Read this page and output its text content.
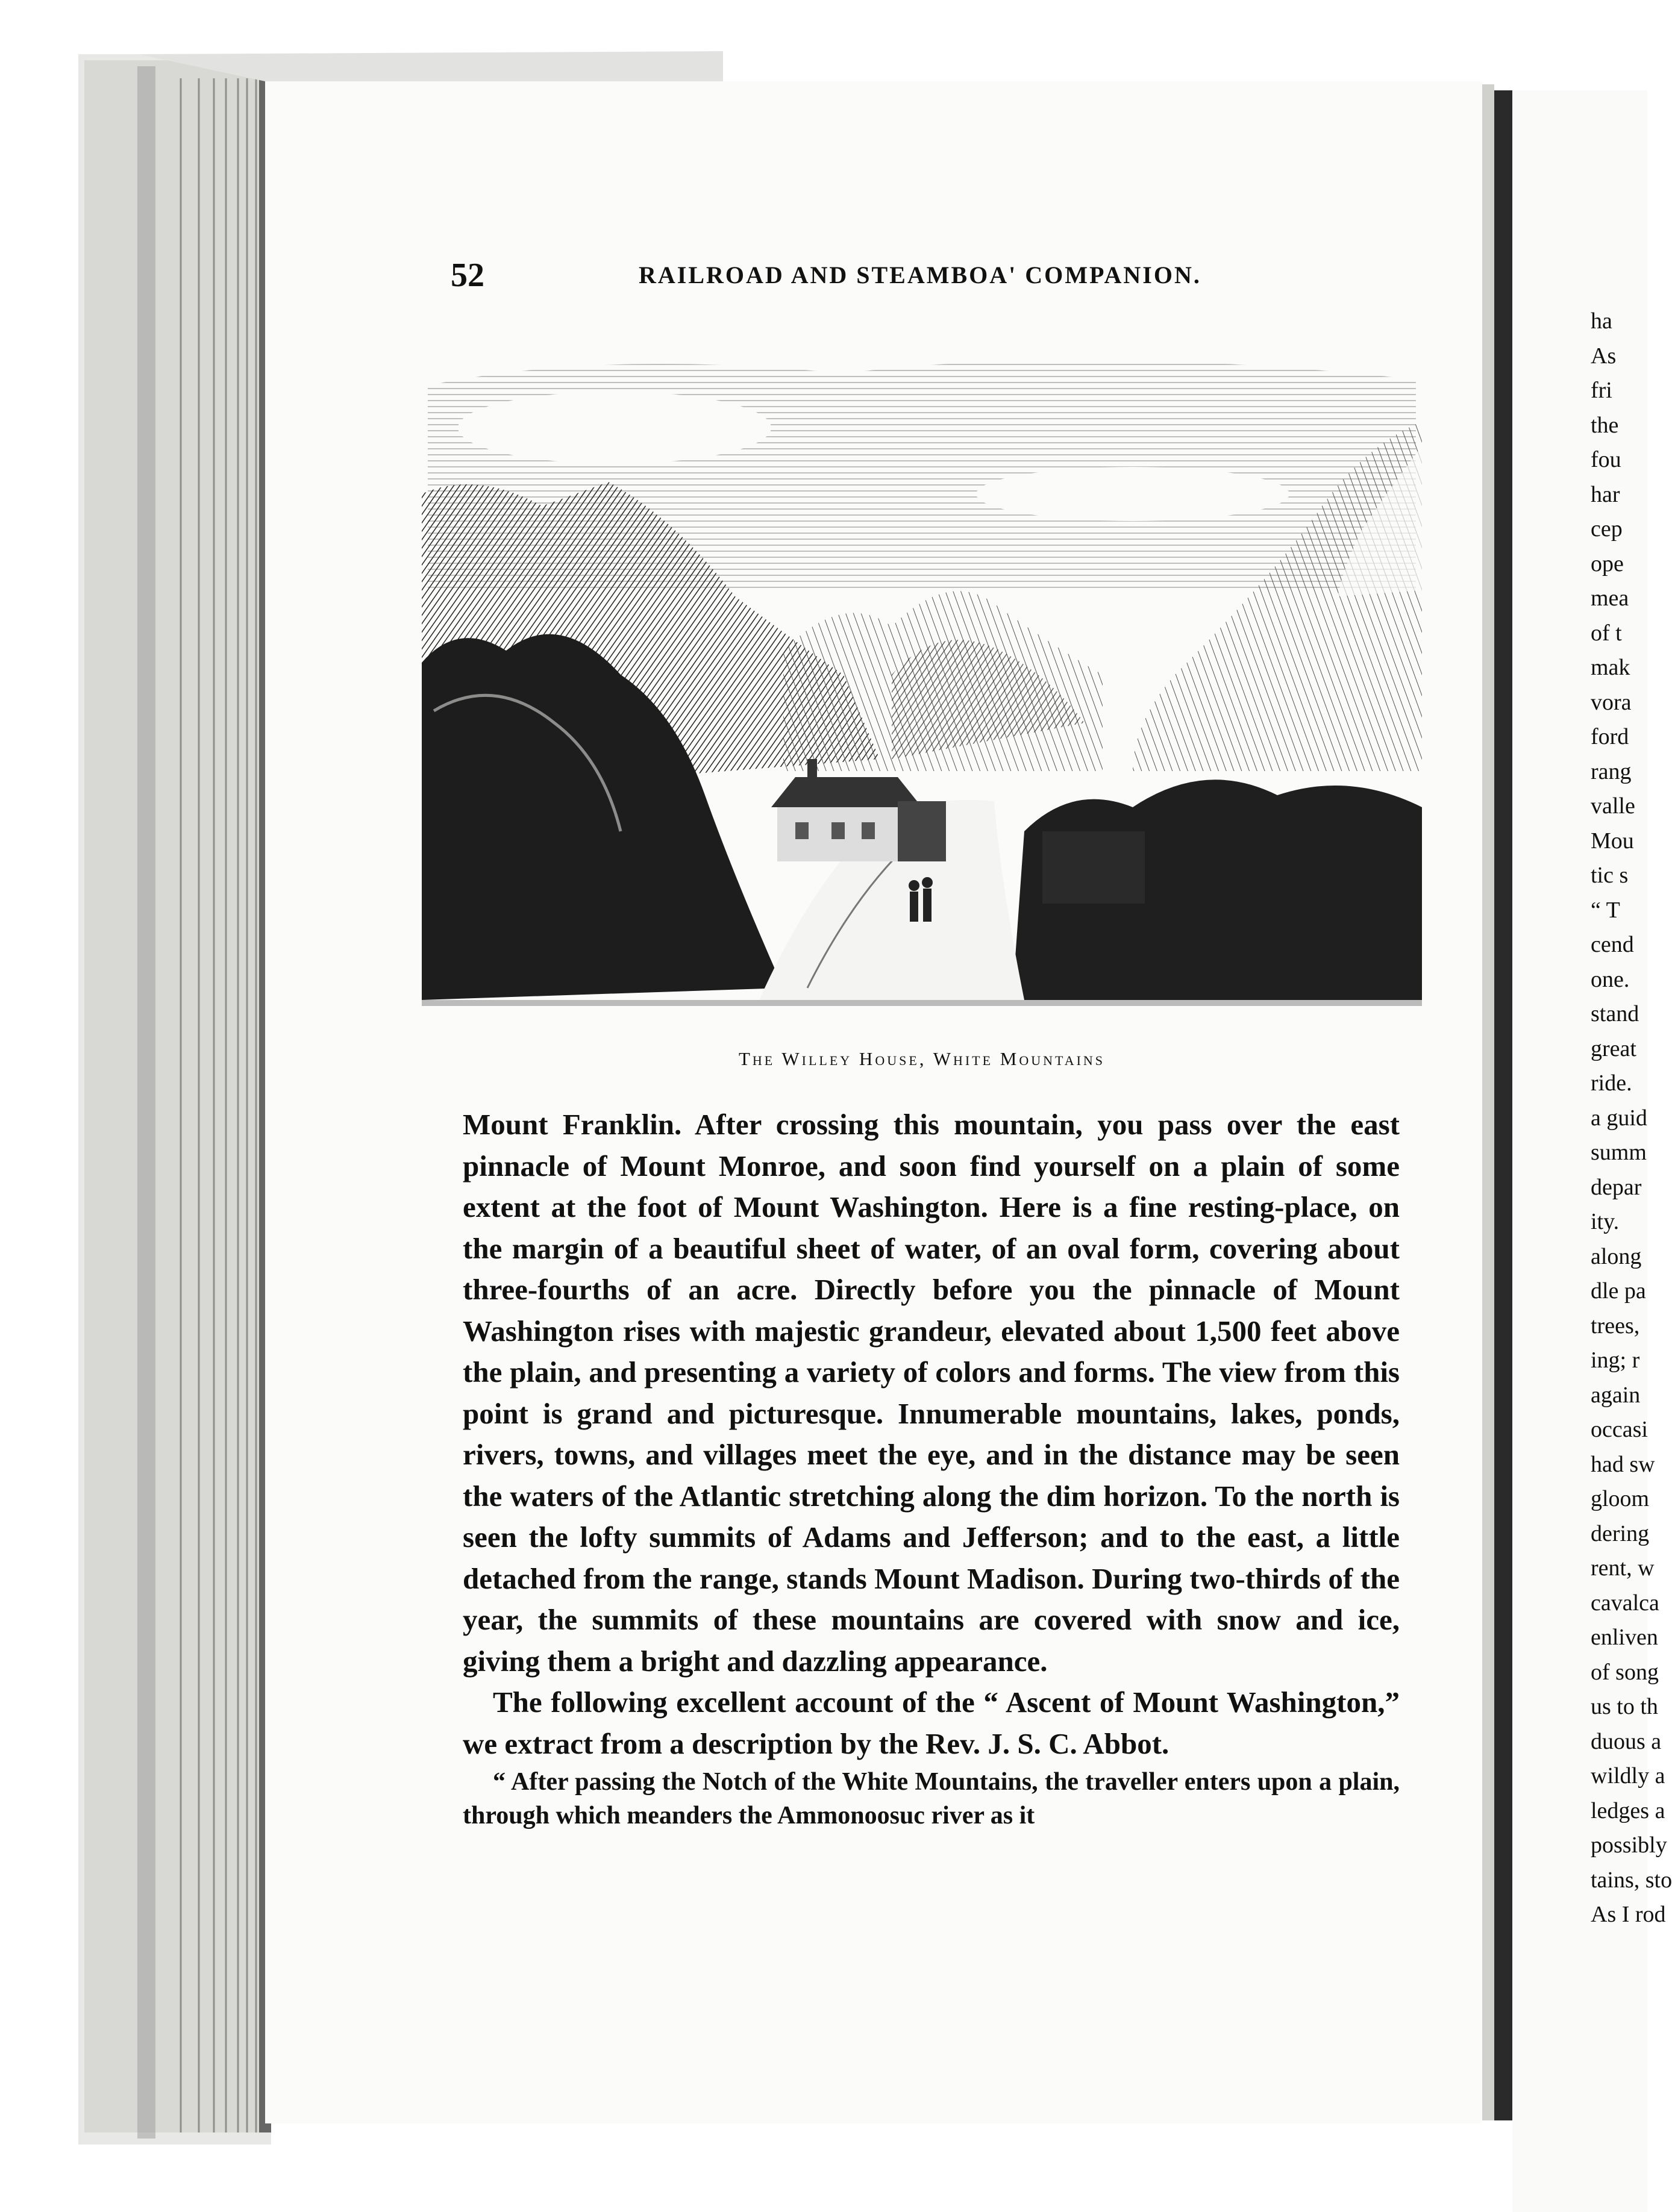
52	RAILROAD AND STEAMBOA' COMPANION.
The Willey House, White Mountains

Mount Franklin. After crossing this mountain, you pass over the east pinnacle of Mount Monroe, and soon find yourself on a plain of some extent at the foot of Mount Washington. Here is a fine resting-place, on the margin of a beautiful sheet of water, of an oval form, covering about three-fourths of an acre. Directly before you the pinnacle of Mount Washington rises with majestic grandeur, elevated about 1,500 feet above the plain, and presenting a variety of colors and forms. The view from this point is grand and picturesque. Innumerable mountains, lakes, ponds, rivers, towns, and villages meet the eye, and in the distance may be seen the waters of the Atlantic stretching along the dim horizon. To the north is seen the lofty summits of Adams and Jefferson; and to the east, a little detached from the range, stands Mount Madison. During two-thirds of the year, the summits of these mountains are covered with snow and ice, giving them a bright and dazzling appearance.

The following excellent account of the “ Ascent of Mount Washington,” we extract from a description by the Rev. J. S. C. Abbot.

“ After passing the Notch of the White Mountains, the traveller enters upon a plain, through which meanders the Ammonoosuc river as it

ha
As
fri
the
fou
har
cep
ope
mea
of t
mak
vora
ford
rang
valle
Mou
tic s
“ T
cend
one.
stand
great
ride.
a guid
summ
depar
ity.
along
dle pa
trees,
ing; r
again
occasi
had sw
gloom
dering
rent, w
cavalca
enliven
of song
us to th
duous a
wildly a
ledges a
possibly
tains, sto
As I rod
